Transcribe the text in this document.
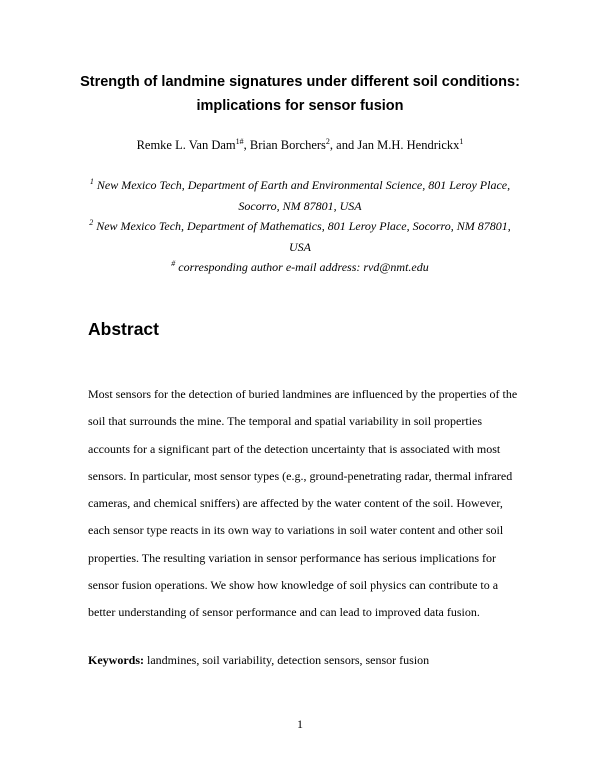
Strength of landmine signatures under different soil conditions:
implications for sensor fusion
Remke L. Van Dam$^{1\#}$, Brian Borchers$^2$, and Jan M.H. Hendrickx$^1$
$^1$ New Mexico Tech, Department of Earth and Environmental Science, 801 Leroy Place,
Socorro, NM 87801, USA
$^2$ New Mexico Tech, Department of Mathematics, 801 Leroy Place, Socorro, NM 87801,
USA
# corresponding author e-mail address: rvd@nmt.edu
Abstract
Most sensors for the detection of buried landmines are influenced by the properties of the
soil that surrounds the mine. The temporal and spatial variability in soil properties
accounts for a significant part of the detection uncertainty that is associated with most
sensors. In particular, most sensor types (e.g., ground-penetrating radar, thermal infrared
cameras, and chemical sniffers) are affected by the water content of the soil. However,
each sensor type reacts in its own way to variations in soil water content and other soil
properties. The resulting variation in sensor performance has serious implications for
sensor fusion operations. We show how knowledge of soil physics can contribute to a
better understanding of sensor performance and can lead to improved data fusion.
Keywords: landmines, soil variability, detection sensors, sensor fusion
1
